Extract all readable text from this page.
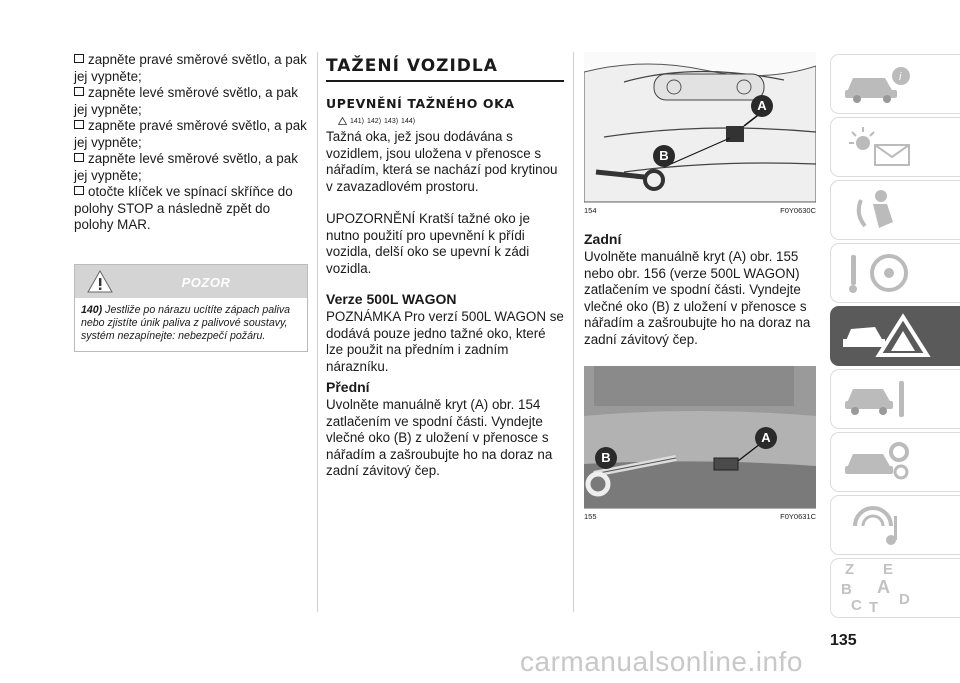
zapněte pravé směrové světlo, a pak jej vypněte;
zapněte levé směrové světlo, a pak jej vypněte;
zapněte pravé směrové světlo, a pak jej vypněte;
zapněte levé směrové světlo, a pak jej vypněte;
otočte klíček ve spínací skříňce do polohy STOP a následně zpět do polohy MAR.
POZOR
140) Jestliže po nárazu ucítíte zápach paliva nebo zjistíte únik paliva z palivové soustavy, systém nezapínejte: nebezpečí požáru.
TAŽENÍ VOZIDLA
UPEVNĚNÍ TAŽNÉHO OKA
141) 142) 143) 144)
Tažná oka, jež jsou dodávána s vozidlem, jsou uložena v přenosce s nářadím, která se nachází pod krytinou v zavazadlovém prostoru.
UPOZORNĚNÍ Kratší tažné oko je nutno použití pro upevnění k přídi vozidla, delší oko se upevní k zádi vozidla.
Verze 500L WAGON
POZNÁMKA Pro verzí 500L WAGON se dodává pouze jedno tažné oko, které lze použit na předním i zadním nárazníku.
Přední
Uvolněte manuálně kryt (A) obr. 154 zatlačením ve spodní části. Vyndejte vlečné oko (B) z uložení v přenosce s nářadím a zašroubujte ho na doraz na zadní závitový čep.
A
B
154	F0Y0630C
Zadní
Uvolněte manuálně kryt (A) obr. 155 nebo obr. 156 (verze 500L WAGON) zatlačením ve spodní části. Vyndejte vlečné oko (B) z uložení v přenosce s nářadím a zašroubujte ho na doraz na zadní závitový čep.
A
B
155	F0Y0631C
i
Z E
B A
C D
T
135
carmanualsonline.info
